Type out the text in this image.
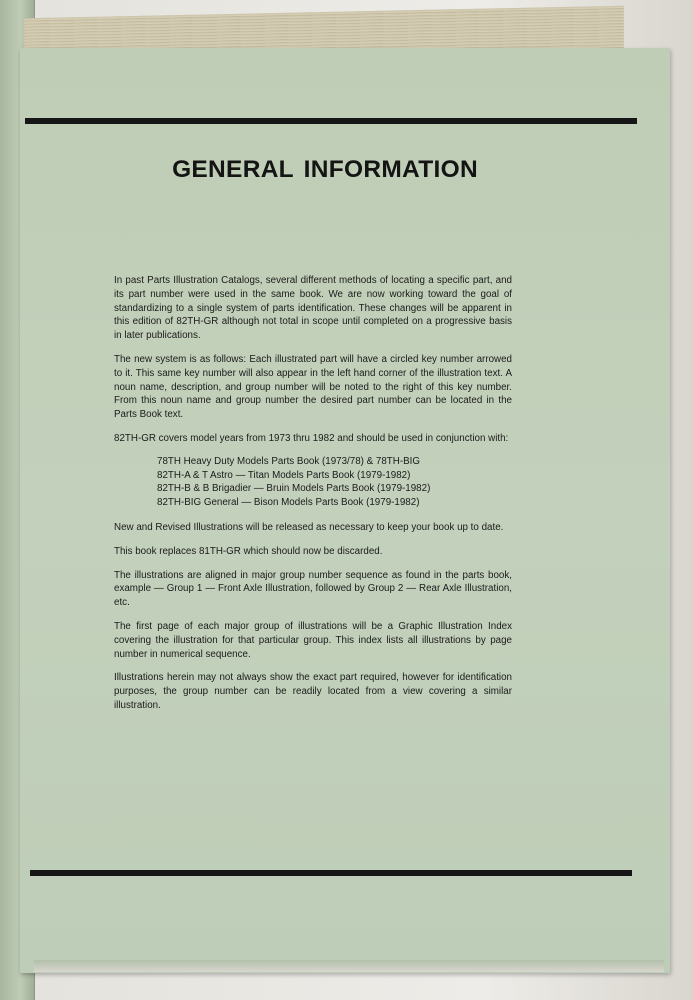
GENERAL INFORMATION

In past Parts Illustration Catalogs, several different methods of locating a specific part, and its part number were used in the same book. We are now working toward the goal of standardizing to a single system of parts identification. These changes will be apparent in this edition of 82TH-GR although not total in scope until completed on a progressive basis in later publications.

The new system is as follows: Each illustrated part will have a circled key number arrowed to it. This same key number will also appear in the left hand corner of the illustration text. A noun name, description, and group number will be noted to the right of this key number. From this noun name and group number the desired part number can be located in the Parts Book text.

82TH-GR covers model years from 1973 thru 1982 and should be used in conjunction with:

78TH Heavy Duty Models Parts Book (1973/78) & 78TH-BIG
82TH-A & T Astro — Titan Models Parts Book (1979-1982)
82TH-B & B Brigadier — Bruin Models Parts Book (1979-1982)
82TH-BIG General — Bison Models Parts Book (1979-1982)

New and Revised Illustrations will be released as necessary to keep your book up to date.

This book replaces 81TH-GR which should now be discarded.

The illustrations are aligned in major group number sequence as found in the parts book, example — Group 1 — Front Axle Illustration, followed by Group 2 — Rear Axle Illustration, etc.

The first page of each major group of illustrations will be a Graphic Illustration Index covering the illustration for that particular group. This index lists all illustrations by page number in numerical sequence.

Illustrations herein may not always show the exact part required, however for identification purposes, the group number can be readily located from a view covering a similar illustration.
